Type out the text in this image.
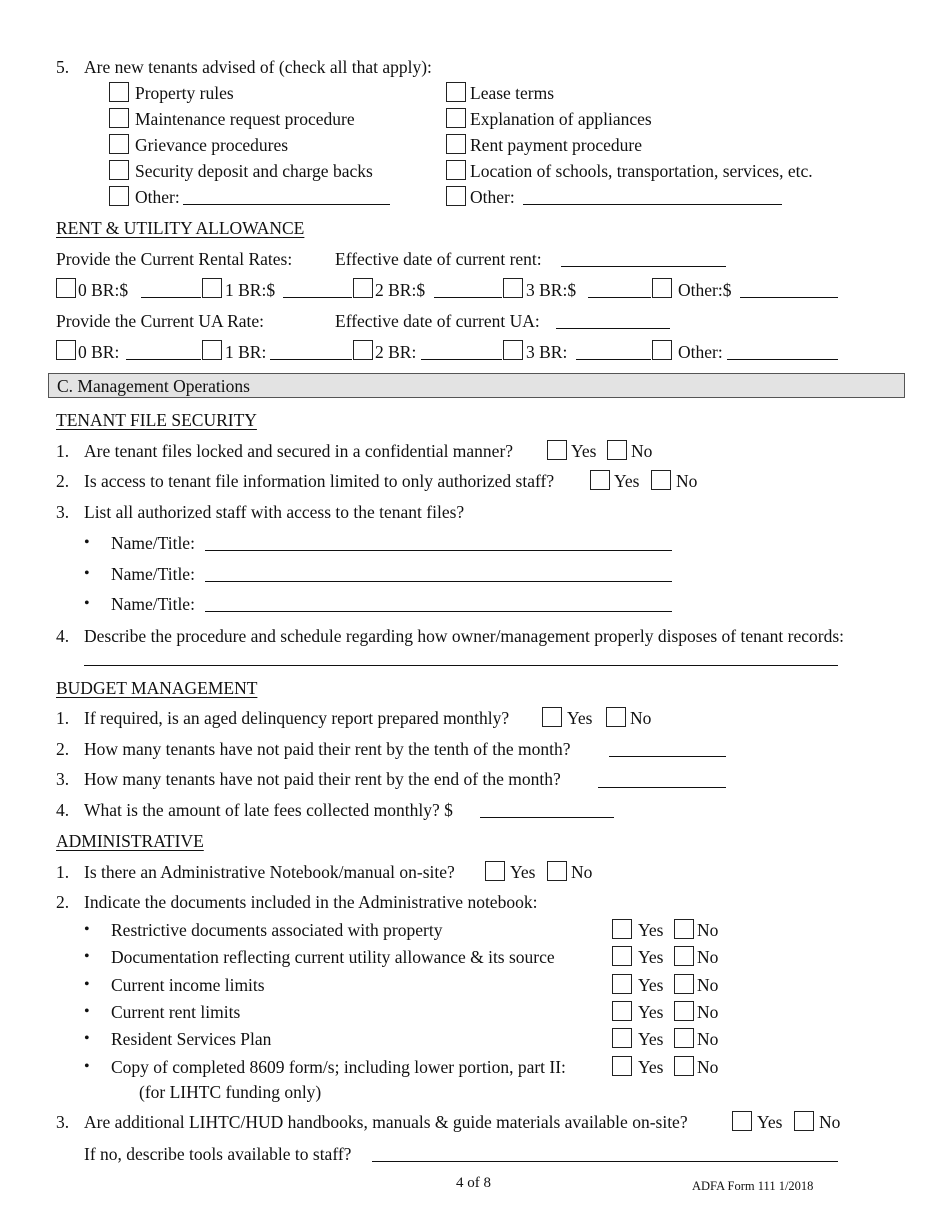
5. Are new tenants advised of (check all that apply):
Property rules
Maintenance request procedure
Grievance procedures
Security deposit and charge backs
Other:
Lease terms
Explanation of appliances
Rent payment procedure
Location of schools, transportation, services, etc.
Other:
RENT & UTILITY ALLOWANCE
Provide the Current Rental Rates: Effective date of current rent:
0 BR:$	1 BR:$	2 BR:$	3 BR:$	Other:$
Provide the Current UA Rate:	Effective date of current UA:
0 BR:	1 BR:	2 BR:	3 BR:	Other:
C. Management Operations
TENANT FILE SECURITY
1. Are tenant files locked and secured in a confidential manner?	Yes No
2. Is access to tenant file information limited to only authorized staff?	Yes No
3. List all authorized staff with access to the tenant files?
• Name/Title:
• Name/Title:
• Name/Title:
4. Describe the procedure and schedule regarding how owner/management properly disposes of tenant records:
BUDGET MANAGEMENT
1. If required, is an aged delinquency report prepared monthly?	Yes No
2. How many tenants have not paid their rent by the tenth of the month?
3. How many tenants have not paid their rent by the end of the month?
4. What is the amount of late fees collected monthly? $
ADMINISTRATIVE
1. Is there an Administrative Notebook/manual on-site?	Yes No
2. Indicate the documents included in the Administrative notebook:
• Restrictive documents associated with property	Yes No
• Documentation reflecting current utility allowance & its source	Yes No
• Current income limits	Yes No
• Current rent limits	Yes No
• Resident Services Plan	Yes No
• Copy of completed 8609 form/s; including lower portion, part II:	Yes No
(for LIHTC funding only)
3. Are additional LIHTC/HUD handbooks, manuals & guide materials available on-site?	Yes No
If no, describe tools available to staff?
4 of 8	ADFA Form 111 1/2018
